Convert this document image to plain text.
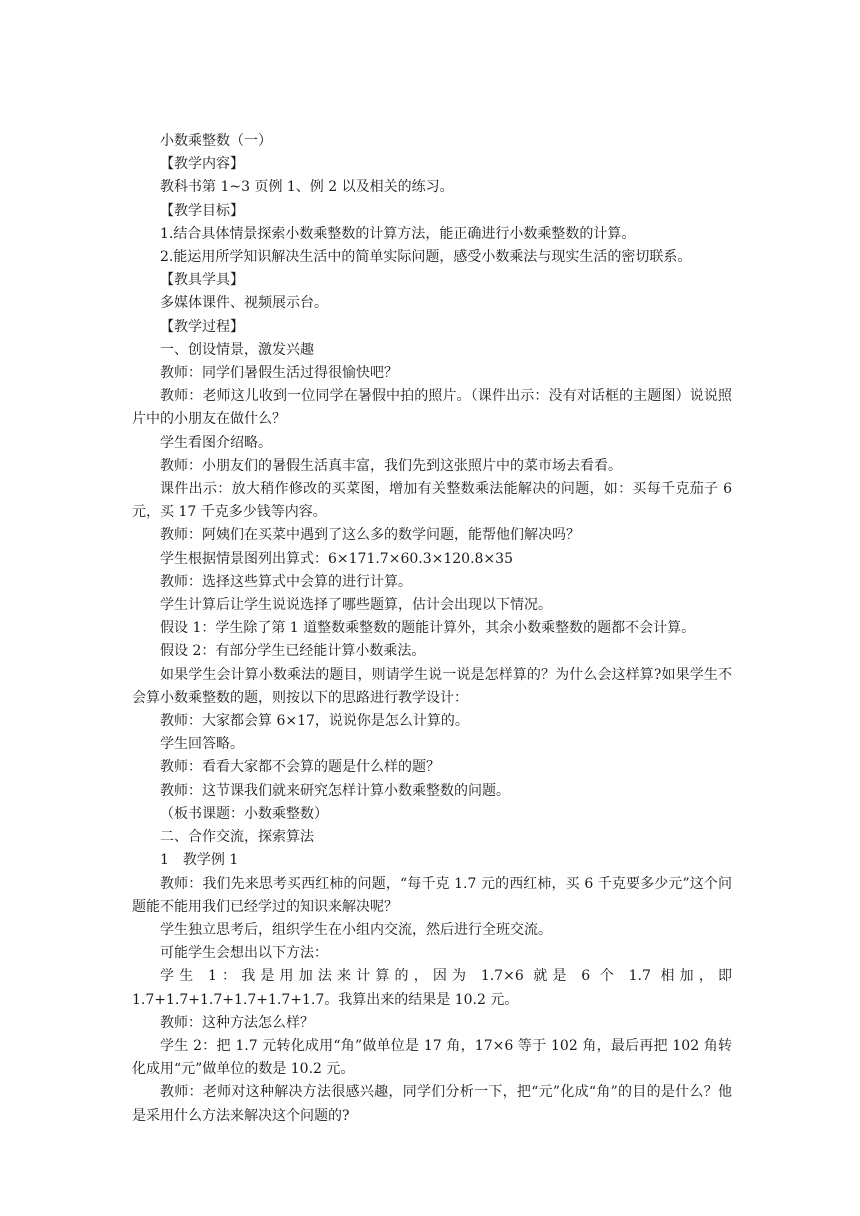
小数乘整数（一）

【教学内容】

教科书第 1~3 页例 1、例 2 以及相关的练习。

【教学目标】

1.结合具体情景探索小数乘整数的计算方法，能正确进行小数乘整数的计算。

2.能运用所学知识解决生活中的简单实际问题，感受小数乘法与现实生活的密切联系。

【教具学具】

多媒体课件、视频展示台。

【教学过程】

一、创设情景，激发兴趣

教师：同学们暑假生活过得很愉快吧？

教师：老师这儿收到一位同学在暑假中拍的照片。（课件出示：没有对话框的主题图）说说照片中的小朋友在做什么？

学生看图介绍略。

教师：小朋友们的暑假生活真丰富，我们先到这张照片中的菜市场去看看。

课件出示：放大稍作修改的买菜图，增加有关整数乘法能解决的问题，如：买每千克茄子 6 元，买 17 千克多少钱等内容。

教师：阿姨们在买菜中遇到了这么多的数学问题，能帮他们解决吗？

学生根据情景图列出算式：6×171.7×60.3×120.8×35

教师：选择这些算式中会算的进行计算。

学生计算后让学生说说选择了哪些题算，估计会出现以下情况。

假设 1：学生除了第 1 道整数乘整数的题能计算外，其余小数乘整数的题都不会计算。

假设 2：有部分学生已经能计算小数乘法。

如果学生会计算小数乘法的题目，则请学生说一说是怎样算的？为什么会这样算?如果学生不会算小数乘整数的题，则按以下的思路进行教学设计：

教师：大家都会算 6×17，说说你是怎么计算的。

学生回答略。

教师：看看大家都不会算的题是什么样的题？

教师：这节课我们就来研究怎样计算小数乘整数的问题。

（板书课题：小数乘整数）

二、合作交流，探索算法

1　教学例 1

教师：我们先来思考买西红柿的问题，“每千克 1.7 元的西红柿，买 6 千克要多少元”这个问题能不能用我们已经学过的知识来解决呢？

学生独立思考后，组织学生在小组内交流，然后进行全班交流。

可能学生会想出以下方法：

学生 1：我是用加法来计算的，因为 1.7×6 就是 6 个 1.7 相加，即 1.7+1.7+1.7+1.7+1.7+1.7。我算出来的结果是 10.2 元。

教师：这种方法怎么样？

学生 2：把 1.7 元转化成用“角”做单位是 17 角，17×6 等于 102 角，最后再把 102 角转化成用“元”做单位的数是 10.2 元。

教师：老师对这种解决方法很感兴趣，同学们分析一下，把“元”化成“角”的目的是什么？他是采用什么方法来解决这个问题的?
